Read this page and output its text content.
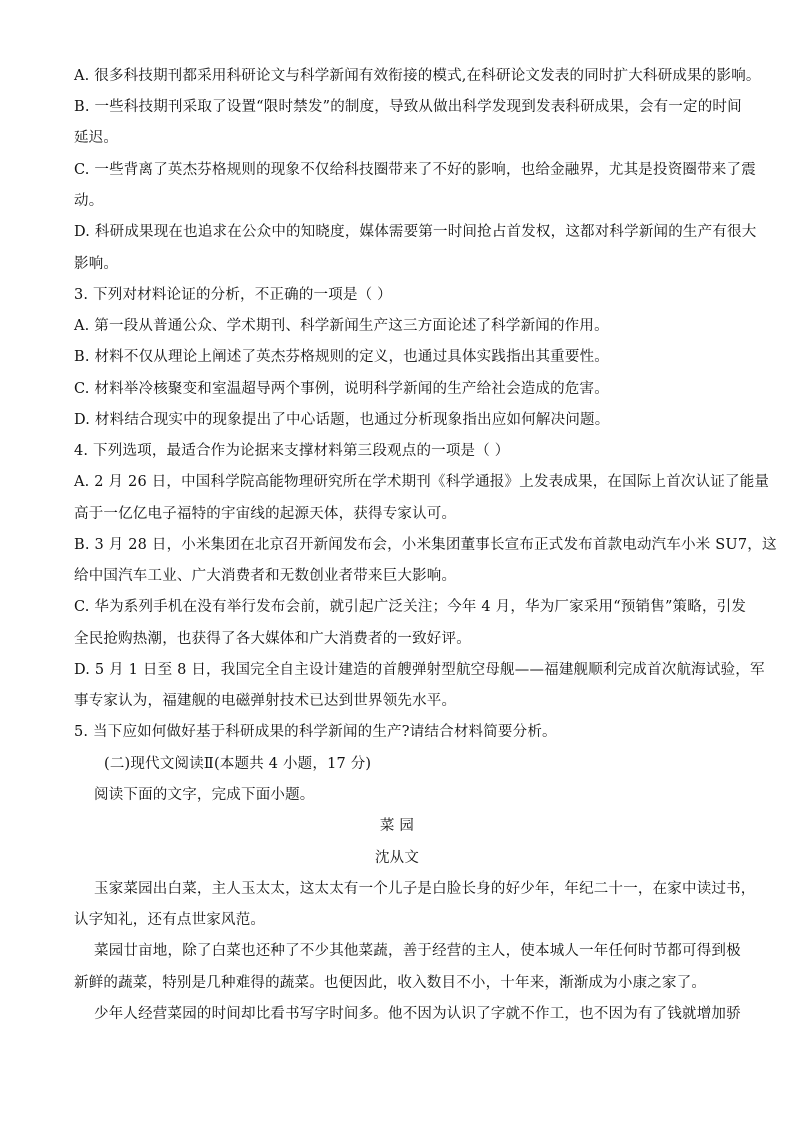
A. 很多科技期刊都采用科研论文与科学新闻有效衔接的模式,在科研论文发表的同时扩大科研成果的影响。
B. 一些科技期刊采取了设置“限时禁发”的制度，导致从做出科学发现到发表科研成果，会有一定的时间
延迟。
C. 一些背离了英杰芬格规则的现象不仅给科技圈带来了不好的影响，也给金融界，尤其是投资圈带来了震
动。
D. 科研成果现在也追求在公众中的知晓度，媒体需要第一时间抢占首发权，这都对科学新闻的生产有很大
影响。
3. 下列对材料论证的分析，不正确的一项是（ ）
A. 第一段从普通公众、学术期刊、科学新闻生产这三方面论述了科学新闻的作用。
B. 材料不仅从理论上阐述了英杰芬格规则的定义，也通过具体实践指出其重要性。
C. 材料举冷核聚变和室温超导两个事例，说明科学新闻的生产给社会造成的危害。
D. 材料结合现实中的现象提出了中心话题，也通过分析现象指出应如何解决问题。
4. 下列选项，最适合作为论据来支撑材料第三段观点的一项是（ ）
A. 2 月 26 日，中国科学院高能物理研究所在学术期刊《科学通报》上发表成果，在国际上首次认证了能量
高于一亿亿电子福特的宇宙线的起源天体，获得专家认可。
B. 3 月 28 日，小米集团在北京召开新闻发布会，小米集团董事长宣布正式发布首款电动汽车小米 SU7，这
给中国汽车工业、广大消费者和无数创业者带来巨大影响。
C. 华为系列手机在没有举行发布会前，就引起广泛关注；今年 4 月，华为厂家采用“预销售”策略，引发
全民抢购热潮，也获得了各大媒体和广大消费者的一致好评。
D. 5 月 1 日至 8 日，我国完全自主设计建造的首艘弹射型航空母舰——福建舰顺利完成首次航海试验，军
事专家认为，福建舰的电磁弹射技术已达到世界领先水平。
5. 当下应如何做好基于科研成果的科学新闻的生产?请结合材料简要分析。
(二)现代文阅读Ⅱ(本题共 4 小题，17 分)
阅读下面的文字，完成下面小题。
菜 园
沈从文
玉家菜园出白菜，主人玉太太，这太太有一个儿子是白脸长身的好少年，年纪二十一，在家中读过书，
认字知礼，还有点世家风范。
菜园廿亩地，除了白菜也还种了不少其他菜蔬，善于经营的主人，使本城人一年任何时节都可得到极
新鲜的蔬菜，特别是几种难得的蔬菜。也便因此，收入数目不小，十年来，渐渐成为小康之家了。
少年人经营菜园的时间却比看书写字时间多。他不因为认识了字就不作工，也不因为有了钱就增加骄
